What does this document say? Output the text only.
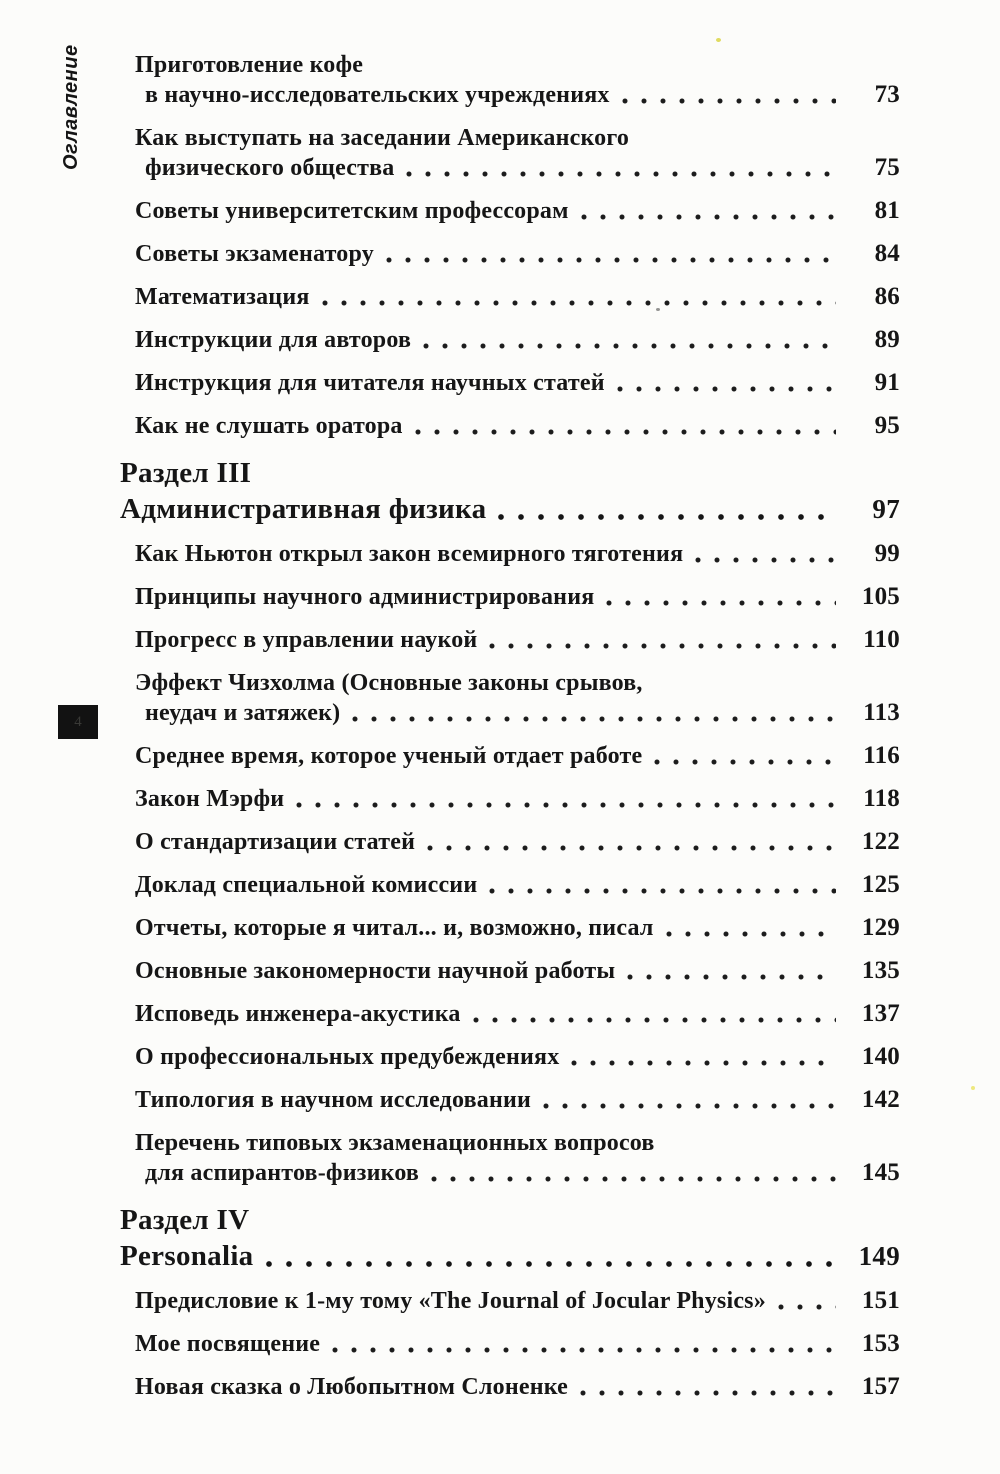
Оглавление
4
Приготовление кофе
в научно-исследовательских учреждениях	73
Как выступать на заседании Американского
физического общества	75
Советы университетским профессорам	81
Советы экзаменатору	84
Математизация	86
Инструкции для авторов	89
Инструкция для читателя научных статей	91
Как не слушать оратора	95
Раздел III
Административная физика	97
Как Ньютон открыл закон всемирного тяготения	99
Принципы научного администрирования	105
Прогресс в управлении наукой	110
Эффект Чизхолма (Основные законы срывов,
неудач и затяжек)	113
Среднее время, которое ученый отдает работе	116
Закон Мэрфи	118
О стандартизации статей	122
Доклад специальной комиссии	125
Отчеты, которые я читал... и, возможно, писал	129
Основные закономерности научной работы	135
Исповедь инженера-акустика	137
О профессиональных предубеждениях	140
Типология в научном исследовании	142
Перечень типовых экзаменационных вопросов
для аспирантов-физиков	145
Раздел IV
Personalia	149
Предисловие к 1-му тому «The Journal of Jocular Physics»	151
Мое посвящение	153
Новая сказка о Любопытном Слоненке	157
